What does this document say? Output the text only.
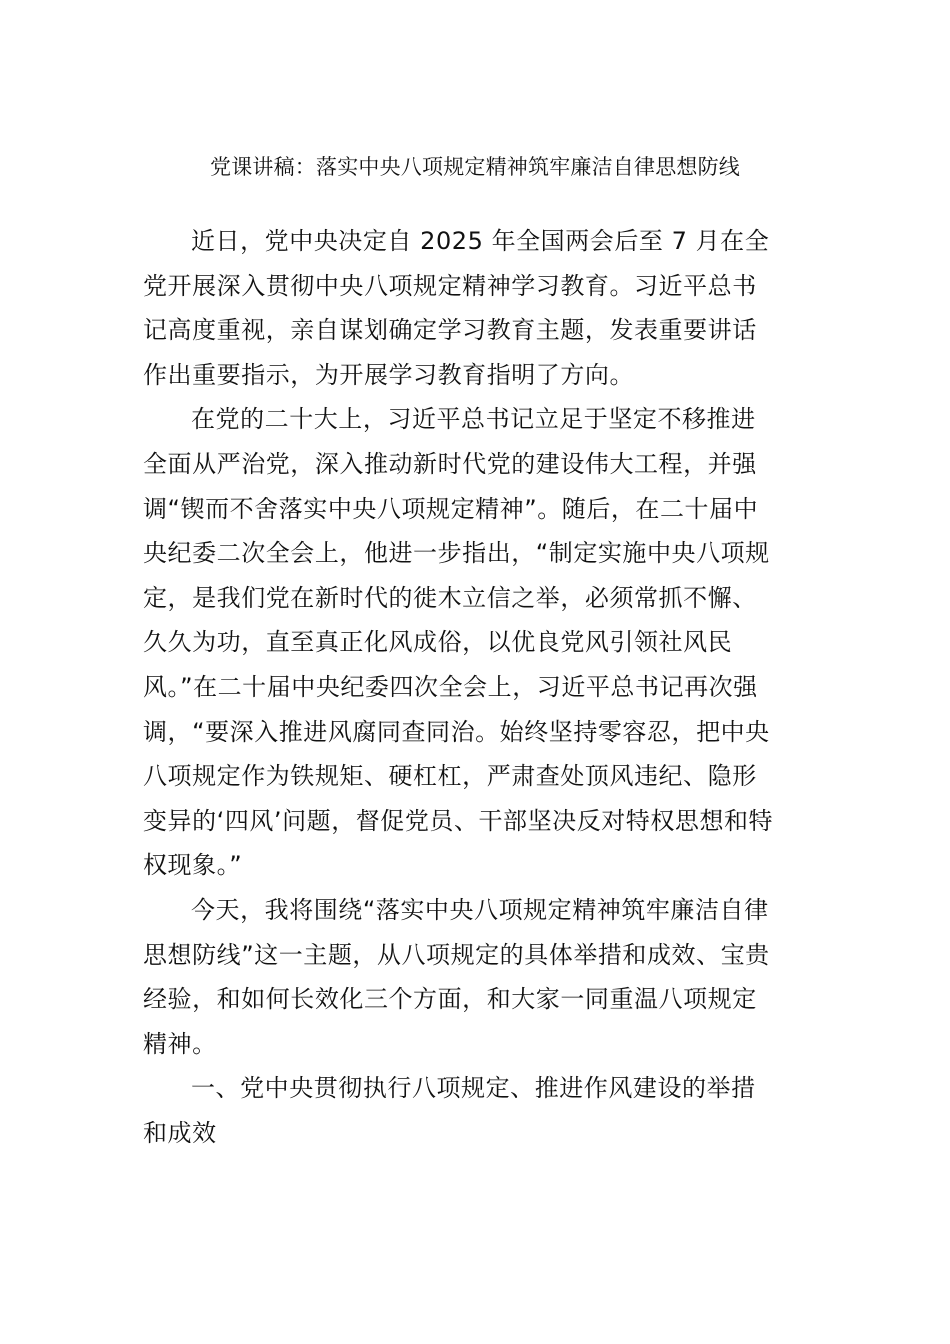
党课讲稿：落实中央八项规定精神筑牢廉洁自律思想防线
近日，党中央决定自 2025 年全国两会后至 7 月在全
党开展深入贯彻中央八项规定精神学习教育。习近平总书
记高度重视，亲自谋划确定学习教育主题，发表重要讲话
作出重要指示，为开展学习教育指明了方向。
在党的二十大上，习近平总书记立足于坚定不移推进
全面从严治党，深入推动新时代党的建设伟大工程，并强
调“锲而不舍落实中央八项规定精神”。随后，在二十届中
央纪委二次全会上，他进一步指出，“制定实施中央八项规
定，是我们党在新时代的徙木立信之举，必须常抓不懈、
久久为功，直至真正化风成俗，以优良党风引领社风民
风。”在二十届中央纪委四次全会上，习近平总书记再次强
调，“要深入推进风腐同查同治。始终坚持零容忍，把中央
八项规定作为铁规矩、硬杠杠，严肃查处顶风违纪、隐形
变异的‘四风’问题，督促党员、干部坚决反对特权思想和特
权现象。”
今天，我将围绕“落实中央八项规定精神筑牢廉洁自律
思想防线”这一主题，从八项规定的具体举措和成效、宝贵
经验，和如何长效化三个方面，和大家一同重温八项规定
精神。
一、党中央贯彻执行八项规定、推进作风建设的举措
和成效
